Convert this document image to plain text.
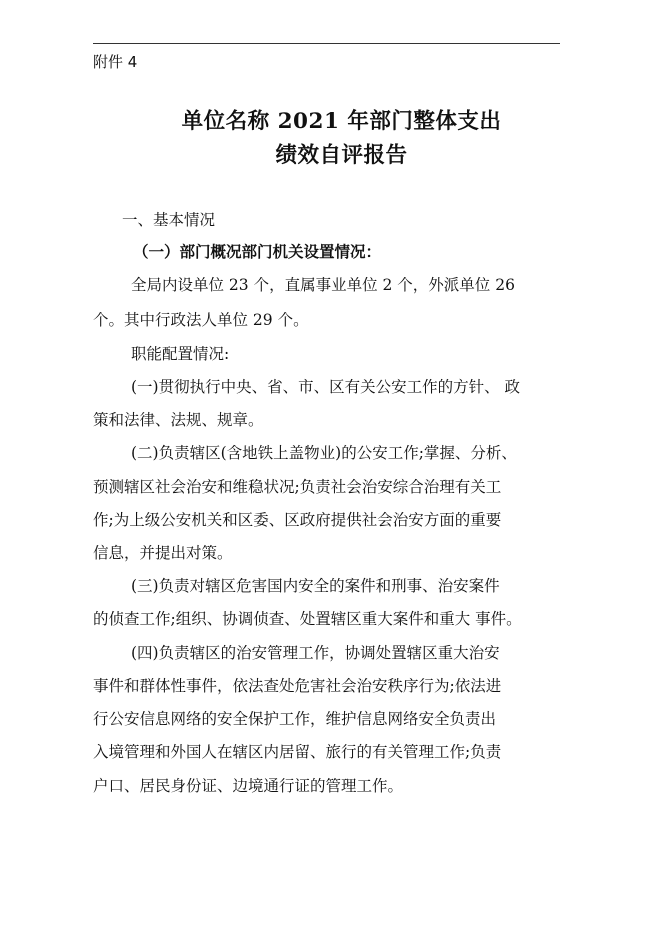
附件 4
单位名称 2021 年部门整体支出
绩效自评报告
一、基本情况
（一）部门概况部门机关设置情况：
全局内设单位 23 个，直属事业单位 2 个，外派单位 26
个。其中行政法人单位 29 个。
职能配置情况:
(一)贯彻执行中央、省、市、区有关公安工作的方针、 政
策和法律、法规、规章。
(二)负责辖区(含地铁上盖物业)的公安工作;掌握、分析、
预测辖区社会治安和维稳状况;负责社会治安综合治理有关工
作;为上级公安机关和区委、区政府提供社会治安方面的重要
信息，并提出对策。
(三)负责对辖区危害国内安全的案件和刑事、治安案件
的侦查工作;组织、协调侦查、处置辖区重大案件和重大 事件。
(四)负责辖区的治安管理工作，协调处置辖区重大治安
事件和群体性事件，依法查处危害社会治安秩序行为;依法进
行公安信息网络的安全保护工作，维护信息网络安全负责出
入境管理和外国人在辖区内居留、旅行的有关管理工作;负责
户口、居民身份证、边境通行证的管理工作。
